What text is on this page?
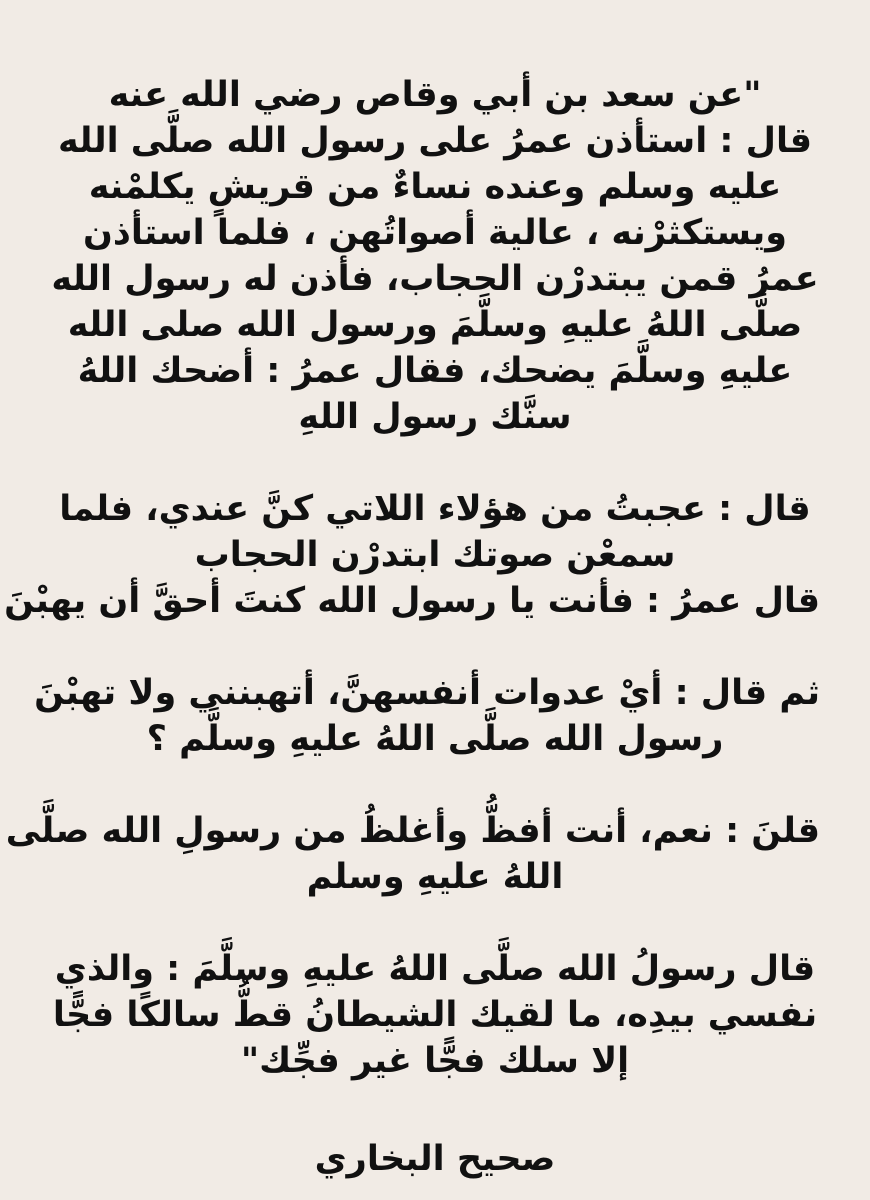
"عن سعد بن أبي وقاص رضي الله عنه
قال : استأذن عمرُ على رسول الله صلَّى الله
عليه وسلم وعنده نساءٌ من قريشٍ يكلمْنه
ويستكثرْنه ، عالية أصواتُهن ، فلما استأذن
عمرُ قمن يبتدرْن الحجاب، فأذن له رسول الله
صلَّى اللهُ عليهِ وسلَّمَ ورسول الله صلى الله
عليهِ وسلَّمَ يضحك، فقال عمرُ : أضحك اللهُ
سنَّك رسول اللهِ
قال : عجبتُ من هؤلاء اللاتي كنَّ عندي، فلما
سمعْن صوتك ابتدرْن الحجاب
قال عمرُ : فأنت يا رسول الله كنتَ أحقَّ أن يهبْنَ
ثم قال : أيْ عدوات أنفسهنَّ، أتهبنني ولا تهبْنَ
رسول الله صلَّى اللهُ عليهِ وسلَّم ؟
قلنَ : نعم، أنت أفظُّ وأغلظُ من رسولِ الله صلَّى
اللهُ عليهِ وسلم
قال رسولُ الله صلَّى اللهُ عليهِ وسلَّمَ : والذي
نفسي بيدِه، ما لقيك الشيطانُ قطُّ سالكًا فجًّا
إلا سلك فجًّا غير فجِّك"
صحيح البخاري
